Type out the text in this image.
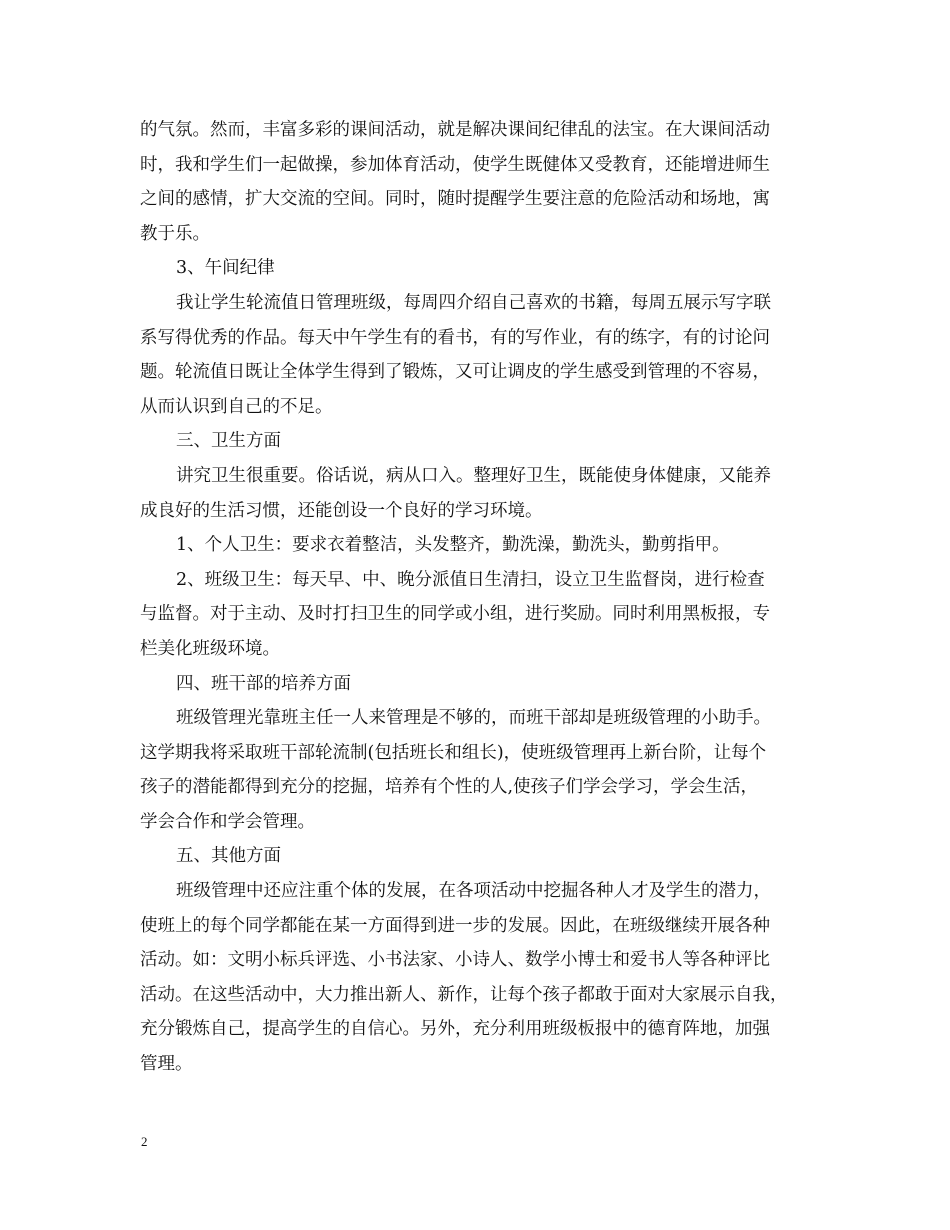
的气氛。然而，丰富多彩的课间活动，就是解决课间纪律乱的法宝。在大课间活动
时，我和学生们一起做操，参加体育活动，使学生既健体又受教育，还能增进师生
之间的感情，扩大交流的空间。同时，随时提醒学生要注意的危险活动和场地，寓
教于乐。
3、午间纪律
我让学生轮流值日管理班级，每周四介绍自己喜欢的书籍，每周五展示写字联
系写得优秀的作品。每天中午学生有的看书，有的写作业，有的练字，有的讨论问
题。轮流值日既让全体学生得到了锻炼，又可让调皮的学生感受到管理的不容易，
从而认识到自己的不足。
三、卫生方面
讲究卫生很重要。俗话说，病从口入。整理好卫生，既能使身体健康，又能养
成良好的生活习惯，还能创设一个良好的学习环境。
1、个人卫生：要求衣着整洁，头发整齐，勤洗澡，勤洗头，勤剪指甲。
2、班级卫生：每天早、中、晚分派值日生清扫，设立卫生监督岗，进行检查
与监督。对于主动、及时打扫卫生的同学或小组，进行奖励。同时利用黑板报，专
栏美化班级环境。
四、班干部的培养方面
班级管理光靠班主任一人来管理是不够的，而班干部却是班级管理的小助手。
这学期我将采取班干部轮流制(包括班长和组长)，使班级管理再上新台阶，让每个
孩子的潜能都得到充分的挖掘，培养有个性的人,使孩子们学会学习，学会生活，
学会合作和学会管理。
五、其他方面
班级管理中还应注重个体的发展，在各项活动中挖掘各种人才及学生的潜力，
使班上的每个同学都能在某一方面得到进一步的发展。因此，在班级继续开展各种
活动。如：文明小标兵评选、小书法家、小诗人、数学小博士和爱书人等各种评比
活动。在这些活动中，大力推出新人、新作，让每个孩子都敢于面对大家展示自我，
充分锻炼自己，提高学生的自信心。另外，充分利用班级板报中的德育阵地，加强
管理。
2
